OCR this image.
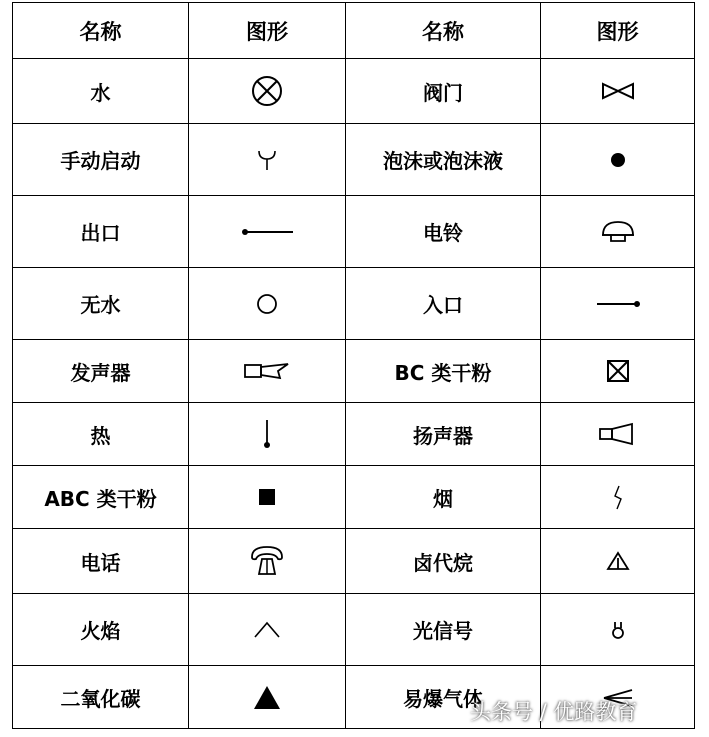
名称	图形	名称	图形
水		阀门	

手动启动		泡沫或泡沫液	

出口		电铃	

无水		入口	

发声器		BC 类干粉	

热		扬声器	

ABC 类干粉		烟	

电话		卤代烷	

火焰		光信号	

二氧化碳		易爆气体	
头条号 / 优路教育
